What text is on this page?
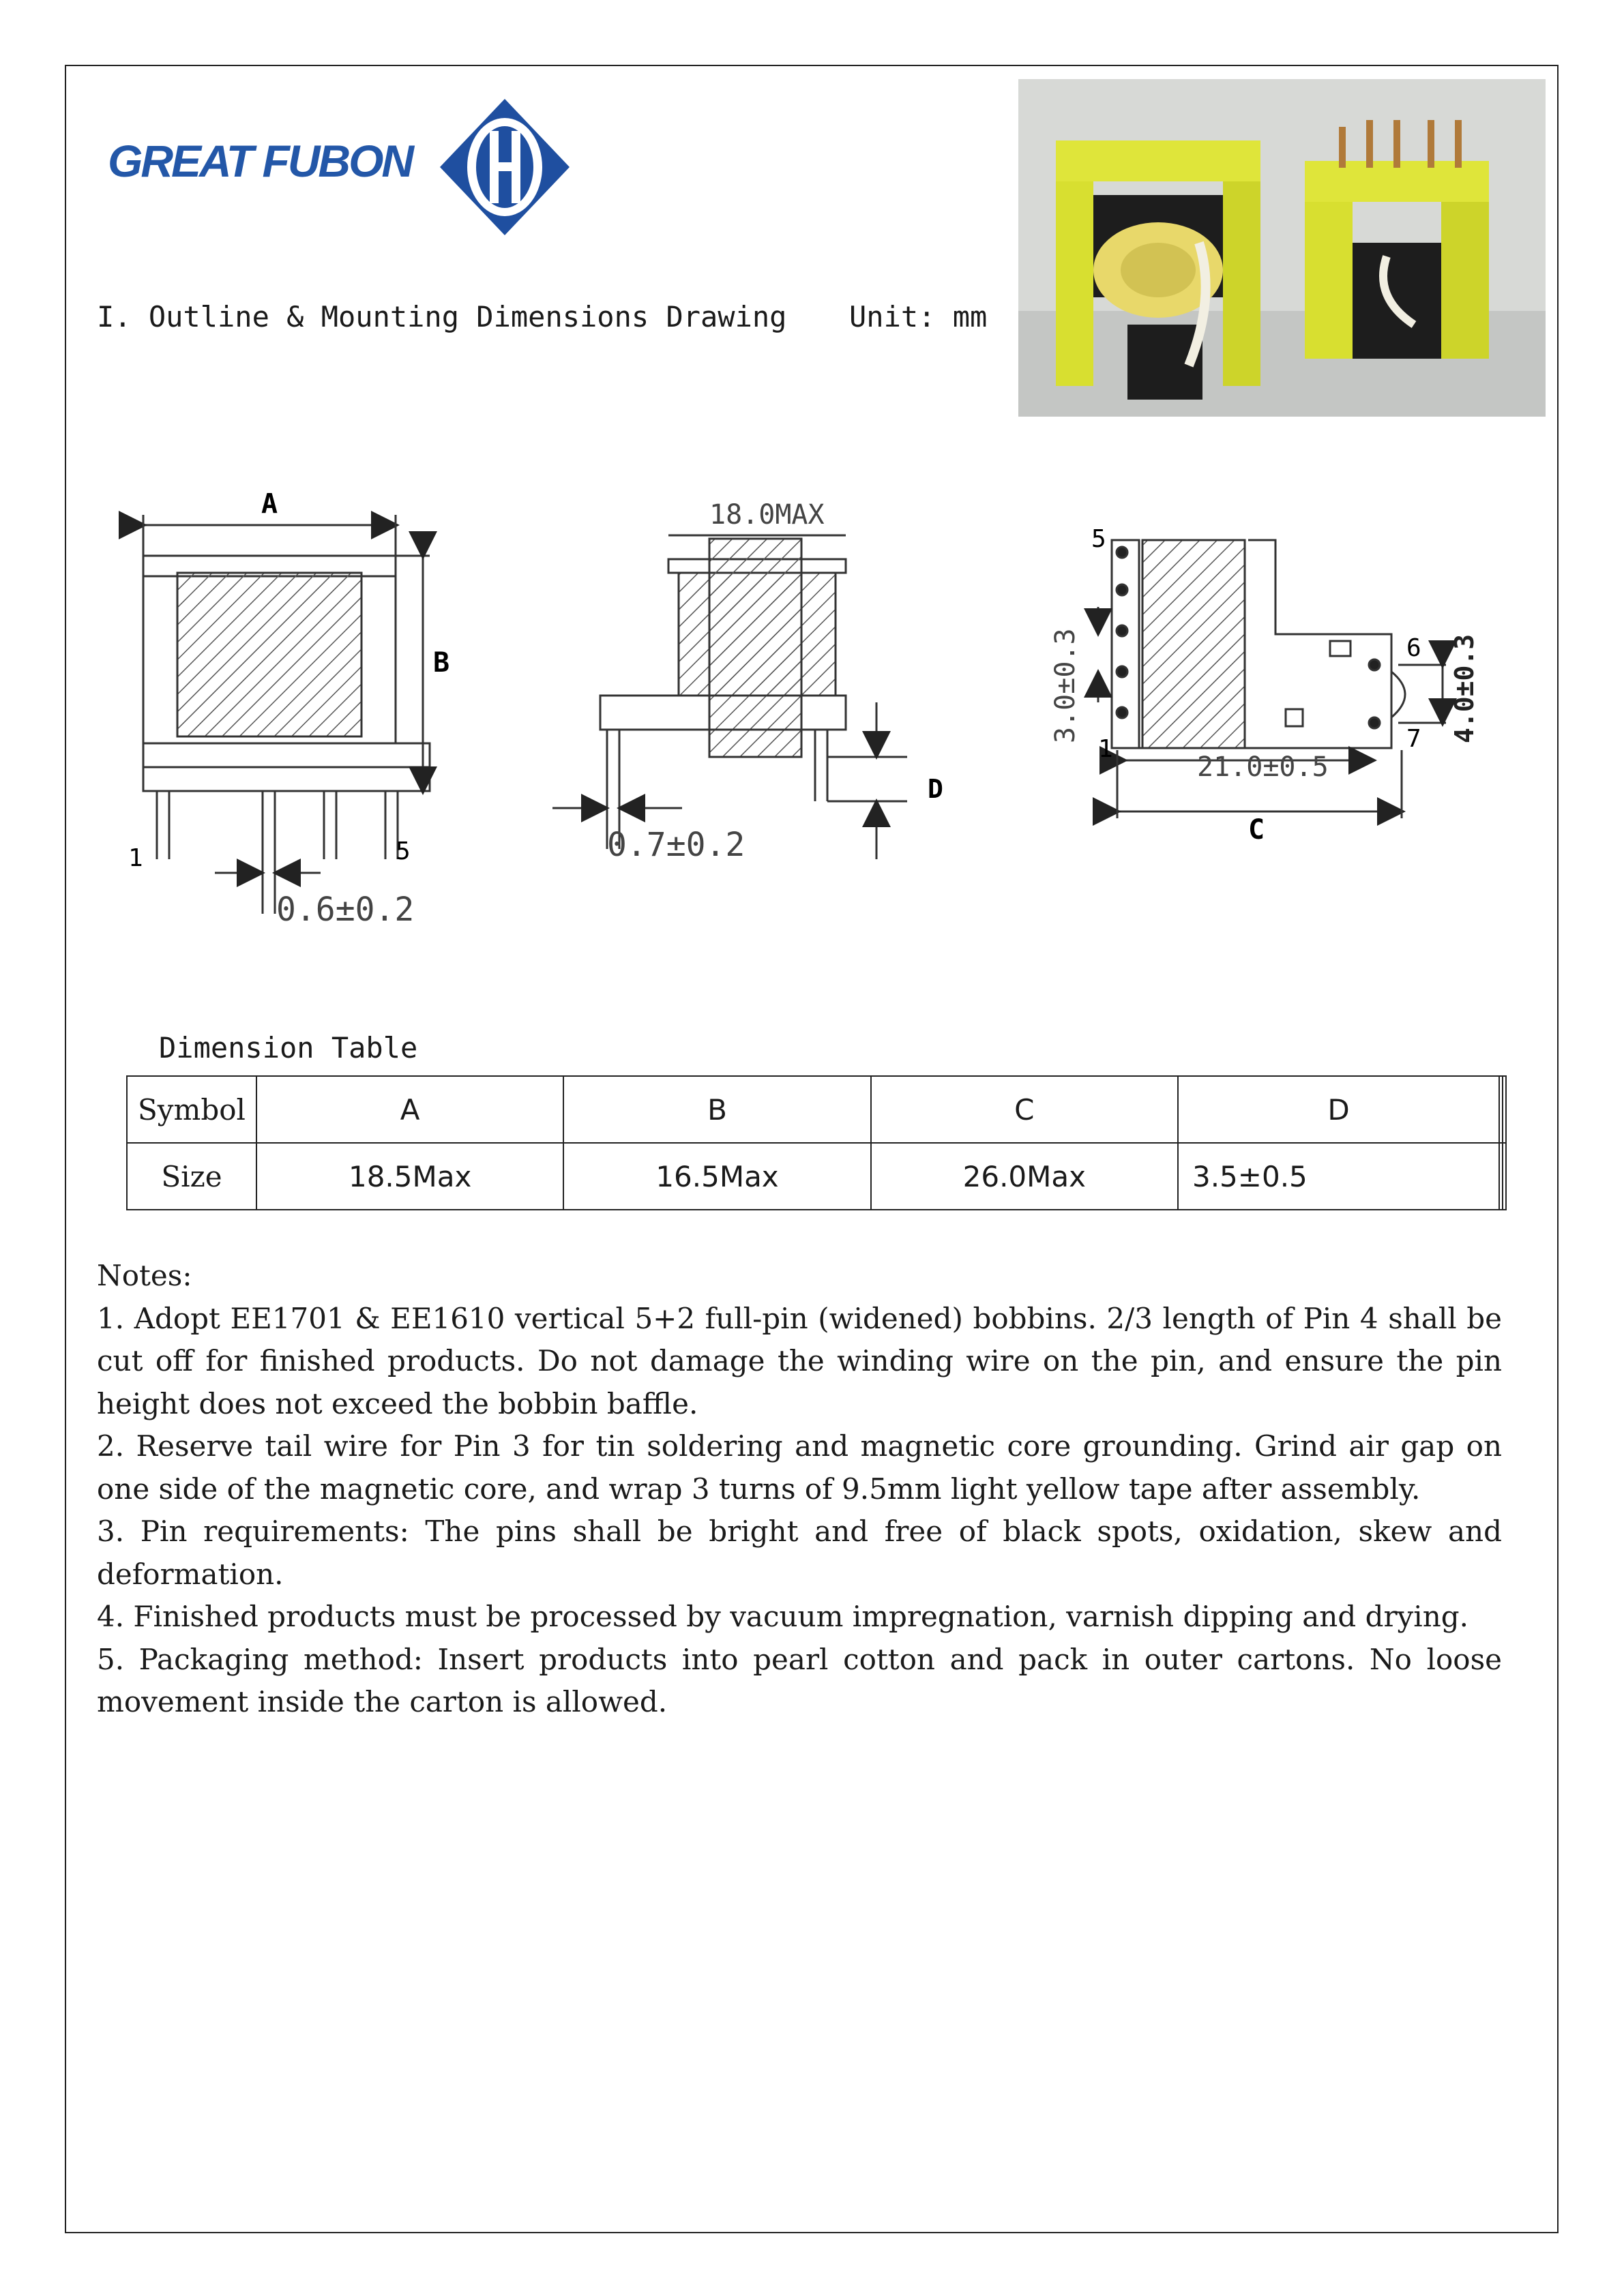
GREAT FUBON
I. Outline & Mounting Dimensions Drawing Unit: mm
A
B
1	5
0.6±0.2
18.0MAX
D
0.7±0.2
5
6
7
1
3.0±0.3
21.0±0.5
C
4.0±0.3
Dimension Table
Symbol	A	B	C	D		
Size	18.5Max	16.5Max	26.0Max	3.5±0.5		

Notes:

1. Adopt EE1701 & EE1610 vertical 5+2 full-pin (widened) bobbins. 2/3 length of Pin 4 shall be cut off for finished products. Do not damage the winding wire on the pin, and ensure the pin height does not exceed the bobbin baffle.

2. Reserve tail wire for Pin 3 for tin soldering and magnetic core grounding. Grind air gap on one side of the magnetic core, and wrap 3 turns of 9.5mm light yellow tape after assembly.

3. Pin requirements: The pins shall be bright and free of black spots, oxidation, skew and deformation.

4. Finished products must be processed by vacuum impregnation, varnish dipping and drying.

5. Packaging method: Insert products into pearl cotton and pack in outer cartons. No loose movement inside the carton is allowed.
